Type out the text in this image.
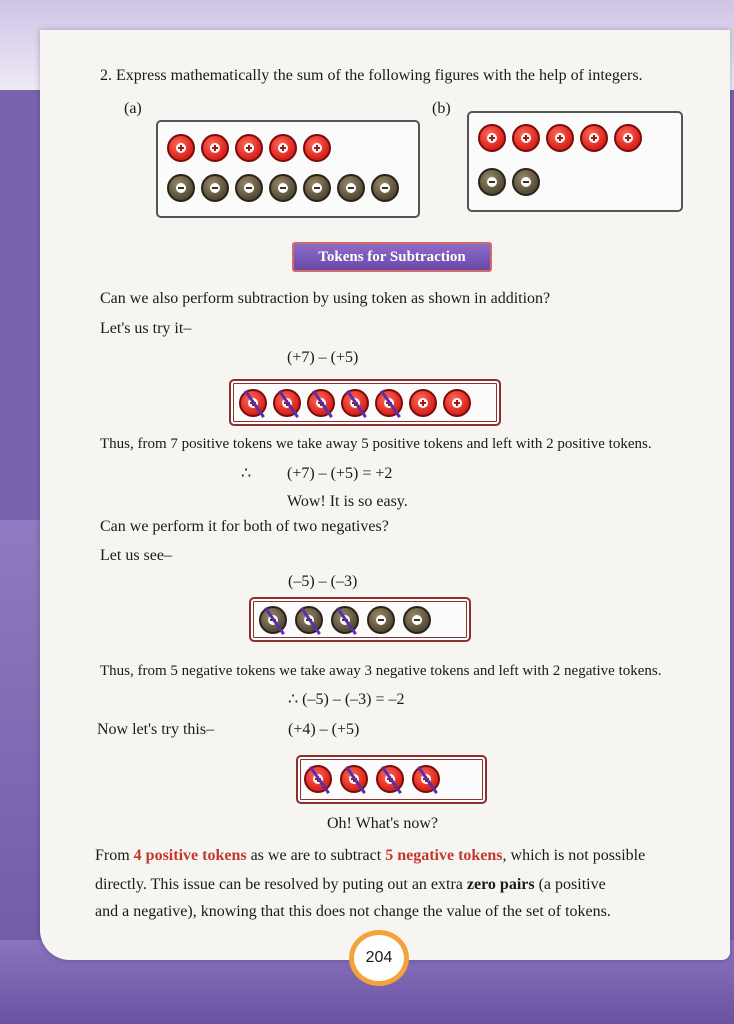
2. Express mathematically the sum of the following figures with the help of integers.
(a)	(b)
Tokens for Subtraction
Can we also perform subtraction by using token as shown in addition?
Let's us try it–
(+7) – (+5)
Thus, from 7 positive tokens we take away 5 positive tokens and left with 2 positive tokens.
∴ (+7) – (+5) = +2
Wow! It is so easy.
Can we perform it for both of two negatives?
Let us see–
(–5) – (–3)
Thus, from 5 negative tokens we take away 3 negative tokens and left with 2 negative tokens.
∴ (–5) – (–3) = –2
Now let's try this–	(+4) – (+5)
Oh! What's now?
From 4 positive tokens as we are to subtract 5 negative tokens, which is not possible
directly. This issue can be resolved by puting out an extra zero pairs (a positive
and a negative), knowing that this does not change the value of the set of tokens.
204
